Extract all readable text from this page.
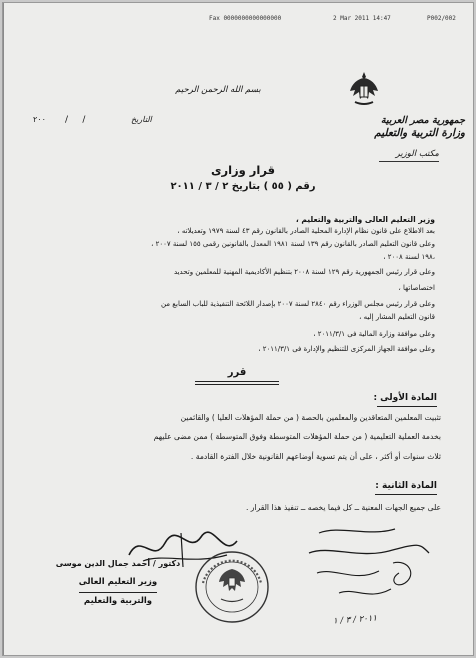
Fax 0000000000000000	2 Mar 2011 14:47	P002/002
بسم الله الرحمن الرحيم
جمهورية مصر العربية
وزارة التربية والتعليم
مكتب الوزير
التاريخ
/     /
٢٠٠
قرار وزارى
رقم ( ٥٥ ) بتاريخ ٢ / ٣ / ٢٠١١
وزير التعليم العالى والتربية والتعليم ،
بعد الاطلاع على قانون نظام الإدارة المحلية الصادر بالقانون رقم ٤٣ لسنة ١٩٧٩ وتعديلاته ،
وعلى قانون التعليم الصادر بالقانون رقم ١٣٩ لسنة ١٩٨١ المعدل بالقانونين رقمى ١٥٥ لسنة ٢٠٠٧ ،
،١٩٨ لسنة ٢٠٠٨ ،
وعلى قرار رئيس الجمهورية رقم ١٢٩ لسنة ٢٠٠٨ بتنظيم الأكاديمية المهنية للمعلمين وتحديد
اختصاصاتها ،
وعلى قرار رئيس مجلس الوزراء رقم ٢٨٤٠ لسنة ٢٠٠٧ بإصدار اللائحة التنفيذية للباب السابع من
قانون التعليم المشار إليه ،
وعلى موافقة وزارة المالية فى ٢٠١١/٣/١ ،
وعلى موافقة الجهاز المركزى للتنظيم والإدارة فى ٢٠١١/٣/١ ،
قرر
المادة الأولى :
تثبيت المعلمين المتعاقدين والمعلمين بالحصة ( من حملة المؤهلات العليا ) والقائمين
بخدمة العملية التعليمية ( من حملة المؤهلات المتوسطة وفوق المتوسطة ) ممن مضى عليهم
ثلاث سنوات أو أكثر ، على أن يتم تسوية أوضاعهم القانونية خلال الفترة القادمة .
المادة الثانية :
على جميع الجهات المعنية ــ كل فيما يخصه ــ تنفيذ هذا القرار .
دكتور / أحمد جمال الدين موسى
وزير التعليم العالى
والتربية والتعليم
٢٠١١ / ٣ / ١
